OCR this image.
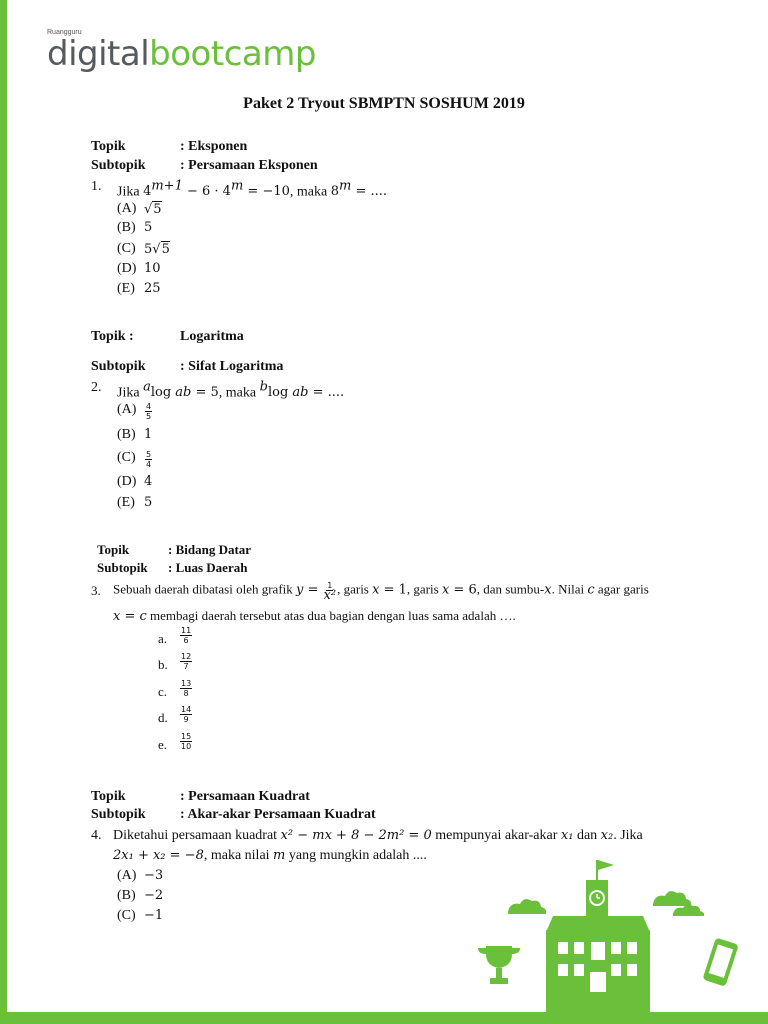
Ruangguru
digitalbootcamp
Paket 2 Tryout SBMPTN SOSHUM 2019
Topik	: Eksponen
Subtopik : Persamaan Eksponen
1. Jika $4^{m+1} - 6 \cdot 4^m = -10$, maka $8^m$ = ....
(A) √5
(B) 5
(C) 5√5
(D) 10
(E) 25
Topik :	Logaritma
Subtopik : Sifat Logaritma
2. Jika $^a$log ab = 5, maka $^b$log ab = ....
$(A) \frac{4}{5}$
(B) 1
$(C) \frac{5}{4}$
(D) 4
(E) 5
Topik	: Bidang Datar
Subtopik : Luas Daerah
3. Sebuah daerah dibatasi oleh grafik $y = \frac{1}{\text{x²}}$ , garis x = 1, garis x = 6, dan sumbu-x. Nilai c agar garis
x = c membagi daerah tersebut atas dua bagian dengan luas sama adalah ….
a. $\frac{11}{6}$
b. $\frac{12}{7}$
c. $\frac{13}{8}$
d. $\frac{14}{9}$
e. $\frac{15}{10}$
Topik	: Persamaan Kuadrat
Subtopik : Akar-akar Persamaan Kuadrat
4. Diketahui persamaan kuadrat x² − mx + 8 − 2m² = 0 mempunyai akar-akar x₁ dan x₂. Jika
2x₁ + x₂ = −8, maka nilai m yang mungkin adalah ....
(A) −3
(B) −2
(C) −1
